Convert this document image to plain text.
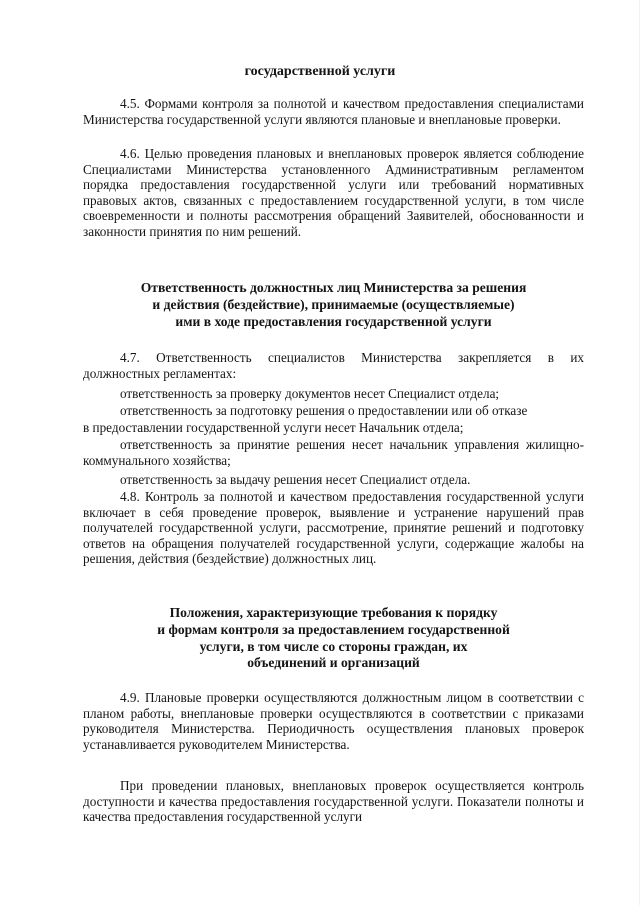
государственной услуги

4.5. Формами контроля за полнотой и качеством предоставления специалистами Министерства государственной услуги являются плановые и внеплановые проверки.

4.6. Целью проведения плановых и внеплановых проверок является соблюдение Специалистами Министерства установленного Административным регламентом порядка предоставления государственной услуги или требований нормативных правовых актов, связанных с предоставлением государственной услуги, в том числе своевременности и полноты рассмотрения обращений Заявителей, обоснованности и законности принятия по ним решений.

Ответственность должностных лиц Министерства за решения
и действия (бездействие), принимаемые (осуществляемые)
ими в ходе предоставления государственной услуги

4.7. Ответственность специалистов Министерства закрепляется в их должностных регламентах:

ответственность за проверку документов несет Специалист отдела;

ответственность за подготовку решения о предоставлении или об отказе

в предоставлении государственной услуги несет Начальник отдела;

ответственность за принятие решения несет начальник управления жилищно-коммунального хозяйства;

ответственность за выдачу решения несет Специалист отдела.

4.8. Контроль за полнотой и качеством предоставления государственной услуги включает в себя проведение проверок, выявление и устранение нарушений прав получателей государственной услуги, рассмотрение, принятие решений и подготовку ответов на обращения получателей государственной услуги, содержащие жалобы на решения, действия (бездействие) должностных лиц.

Положения, характеризующие требования к порядку
и формам контроля за предоставлением государственной
услуги, в том числе со стороны граждан, их
объединений и организаций

4.9. Плановые проверки осуществляются должностным лицом в соответствии с планом работы, внеплановые проверки осуществляются в соответствии с приказами руководителя Министерства. Периодичность осуществления плановых проверок устанавливается руководителем Министерства.

При проведении плановых, внеплановых проверок осуществляется контроль доступности и качества предоставления государственной услуги. Показатели полноты и качества предоставления государственной услуги
